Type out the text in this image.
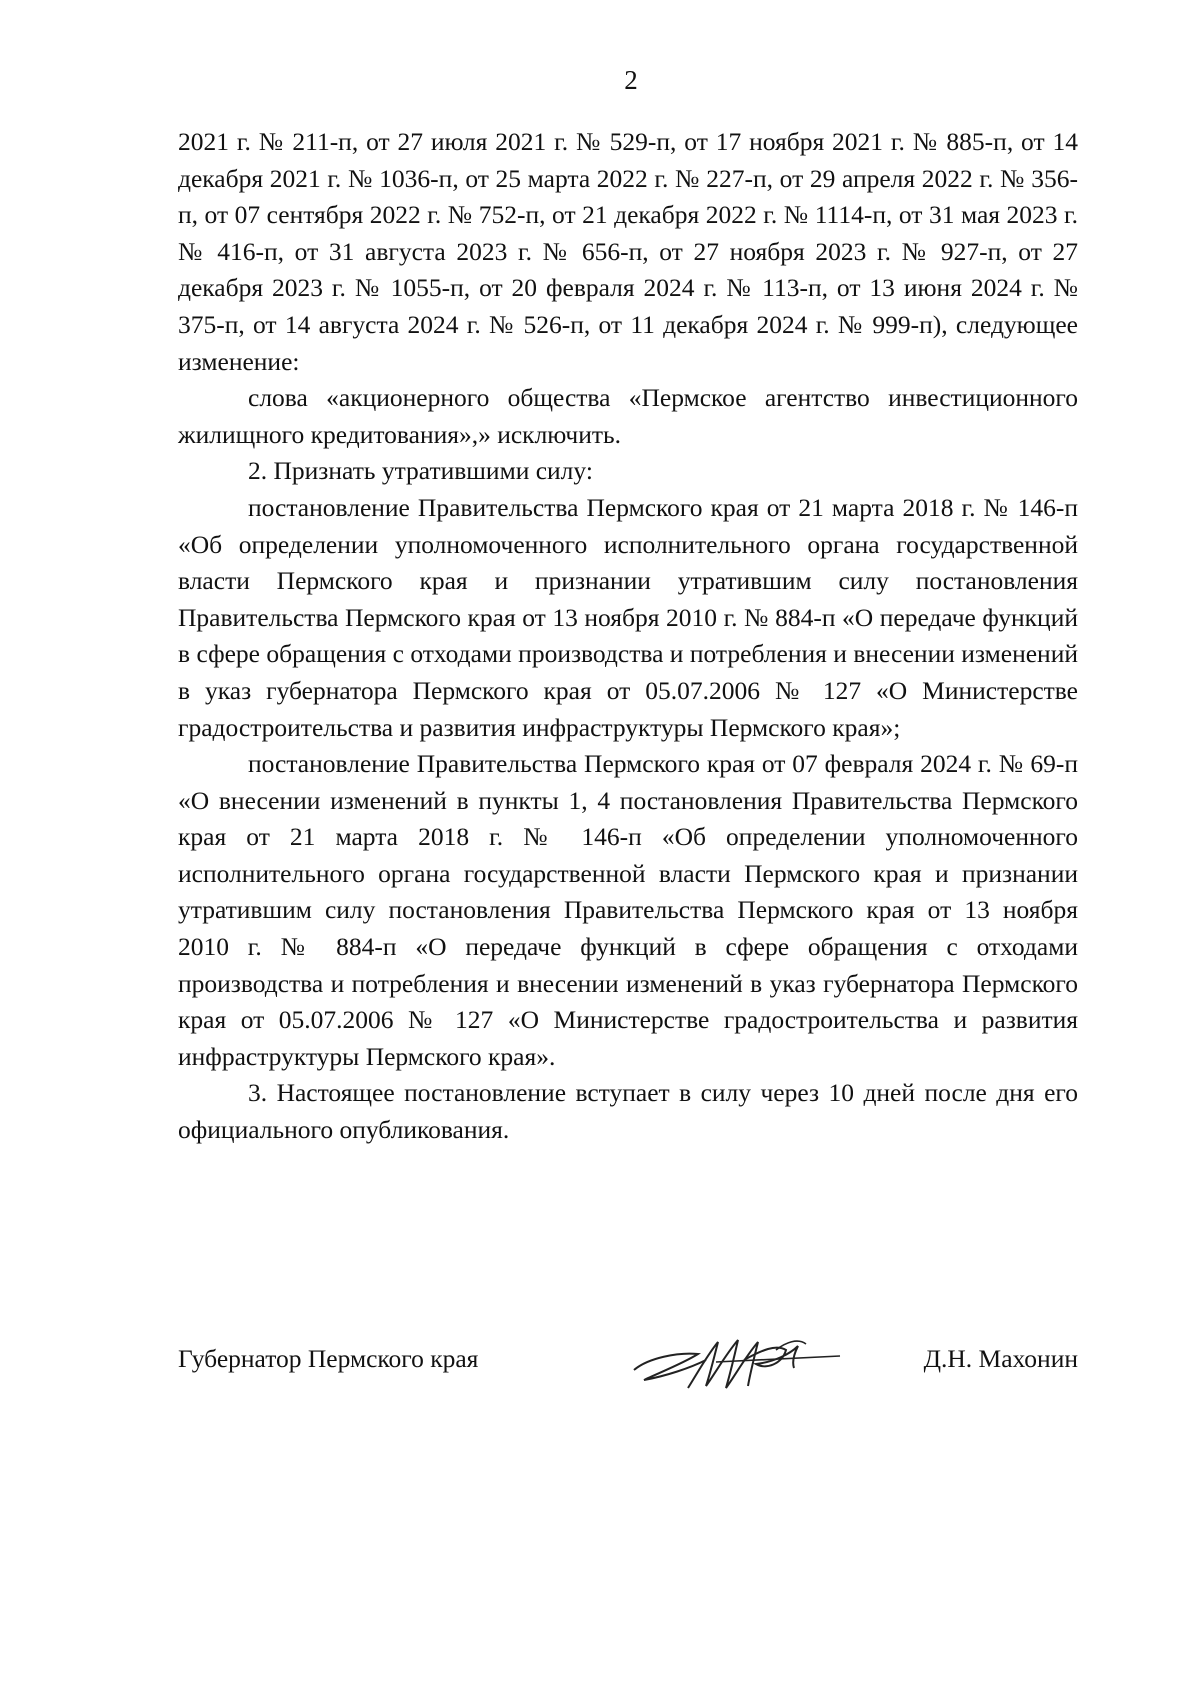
2

2021 г. № 211-п, от 27 июля 2021 г. № 529-п, от 17 ноября 2021 г. № 885-п, от 14 декабря 2021 г. № 1036-п, от 25 марта 2022 г. № 227-п, от 29 апреля 2022 г. № 356-п, от 07 сентября 2022 г. № 752-п, от 21 декабря 2022 г. № 1114-п, от 31 мая 2023 г. № 416-п, от 31 августа 2023 г. № 656-п, от 27 ноября 2023 г. № 927-п, от 27 декабря 2023 г. № 1055-п, от 20 февраля 2024 г. № 113-п, от 13 июня 2024 г. № 375-п, от 14 августа 2024 г. № 526-п, от 11 декабря 2024 г. № 999-п), следующее изменение:

слова «акционерного общества «Пермское агентство инвестиционного жилищного кредитования»,» исключить.

2. Признать утратившими силу:

постановление Правительства Пермского края от 21 марта 2018 г. № 146-п «Об определении уполномоченного исполнительного органа государственной власти Пермского края и признании утратившим силу постановления Правительства Пермского края от 13 ноября 2010 г. № 884-п «О передаче функций в сфере обращения с отходами производства и потребления и внесении изменений в указ губернатора Пермского края от 05.07.2006 № 127 «О Министерстве градостроительства и развития инфраструктуры Пермского края»;

постановление Правительства Пермского края от 07 февраля 2024 г. № 69-п «О внесении изменений в пункты 1, 4 постановления Правительства Пермского края от 21 марта 2018 г. № 146-п «Об определении уполномоченного исполнительного органа государственной власти Пермского края и признании утратившим силу постановления Правительства Пермского края от 13 ноября 2010 г. № 884-п «О передаче функций в сфере обращения с отходами производства и потребления и внесении изменений в указ губернатора Пермского края от 05.07.2006 № 127 «О Министерстве градостроительства и развития инфраструктуры Пермского края».

3. Настоящее постановление вступает в силу через 10 дней после дня его официального опубликования.

Губернатор Пермского края	Д.Н. Махонин
